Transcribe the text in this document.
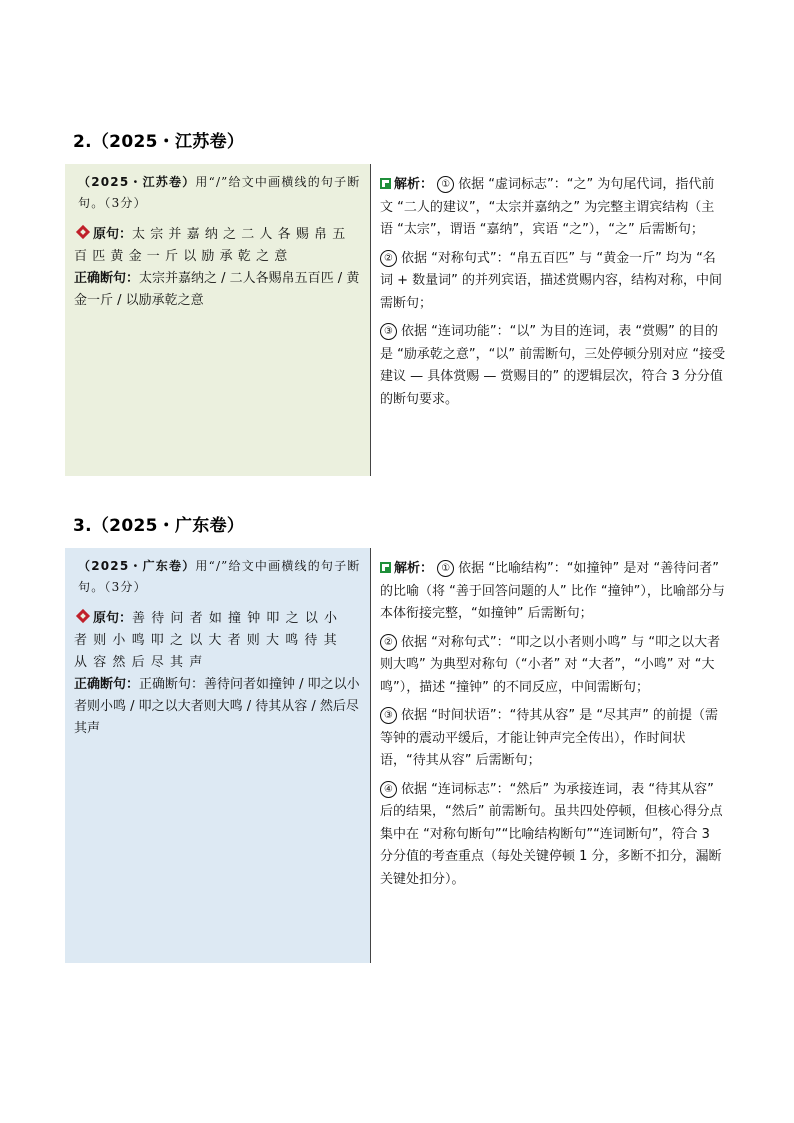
2.（2025・江苏卷）
（2025・江苏卷）用“/”给文中画横线的句子断句。（3分）
原句：太宗并嘉纳之二人各赐帛五百匹黄金一斤以励承乾之意
正确断句：太宗并嘉纳之 / 二人各赐帛五百匹 / 黄金一斤 / 以励承乾之意
解析： ① 依据 “虚词标志”：“之” 为句尾代词，指代前文 “二人的建议”，“太宗并嘉纳之” 为完整主谓宾结构（主语 “太宗”，谓语 “嘉纳”，宾语 “之”），“之” 后需断句；
② 依据 “对称句式”：“帛五百匹” 与 “黄金一斤” 均为 “名词 + 数量词” 的并列宾语，描述赏赐内容，结构对称，中间需断句；
③ 依据 “连词功能”：“以” 为目的连词，表 “赏赐” 的目的是 “励承乾之意”，“以” 前需断句，三处停顿分别对应 “接受建议 — 具体赏赐 — 赏赐目的” 的逻辑层次，符合 3 分分值的断句要求。
3.（2025・广东卷）
（2025・广东卷）用“/”给文中画横线的句子断句。（3分）
原句：善待问者如撞钟叩之以小者则小鸣叩之以大者则大鸣待其从容然后尽其声
正确断句：正确断句：善待问者如撞钟 / 叩之以小者则小鸣 / 叩之以大者则大鸣 / 待其从容 / 然后尽其声
解析： ① 依据 “比喻结构”：“如撞钟” 是对 “善待问者” 的比喻（将 “善于回答问题的人” 比作 “撞钟”），比喻部分与本体衔接完整，“如撞钟” 后需断句；
② 依据 “对称句式”：“叩之以小者则小鸣” 与 “叩之以大者则大鸣” 为典型对称句（“小者” 对 “大者”，“小鸣” 对 “大鸣”），描述 “撞钟” 的不同反应，中间需断句；
③ 依据 “时间状语”：“待其从容” 是 “尽其声” 的前提（需等钟的震动平缓后，才能让钟声完全传出），作时间状语，“待其从容” 后需断句；
④ 依据 “连词标志”：“然后” 为承接连词，表 “待其从容” 后的结果，“然后” 前需断句。虽共四处停顿，但核心得分点集中在 “对称句断句”“比喻结构断句”“连词断句”，符合 3 分分值的考查重点（每处关键停顿 1 分，多断不扣分，漏断关键处扣分）。
